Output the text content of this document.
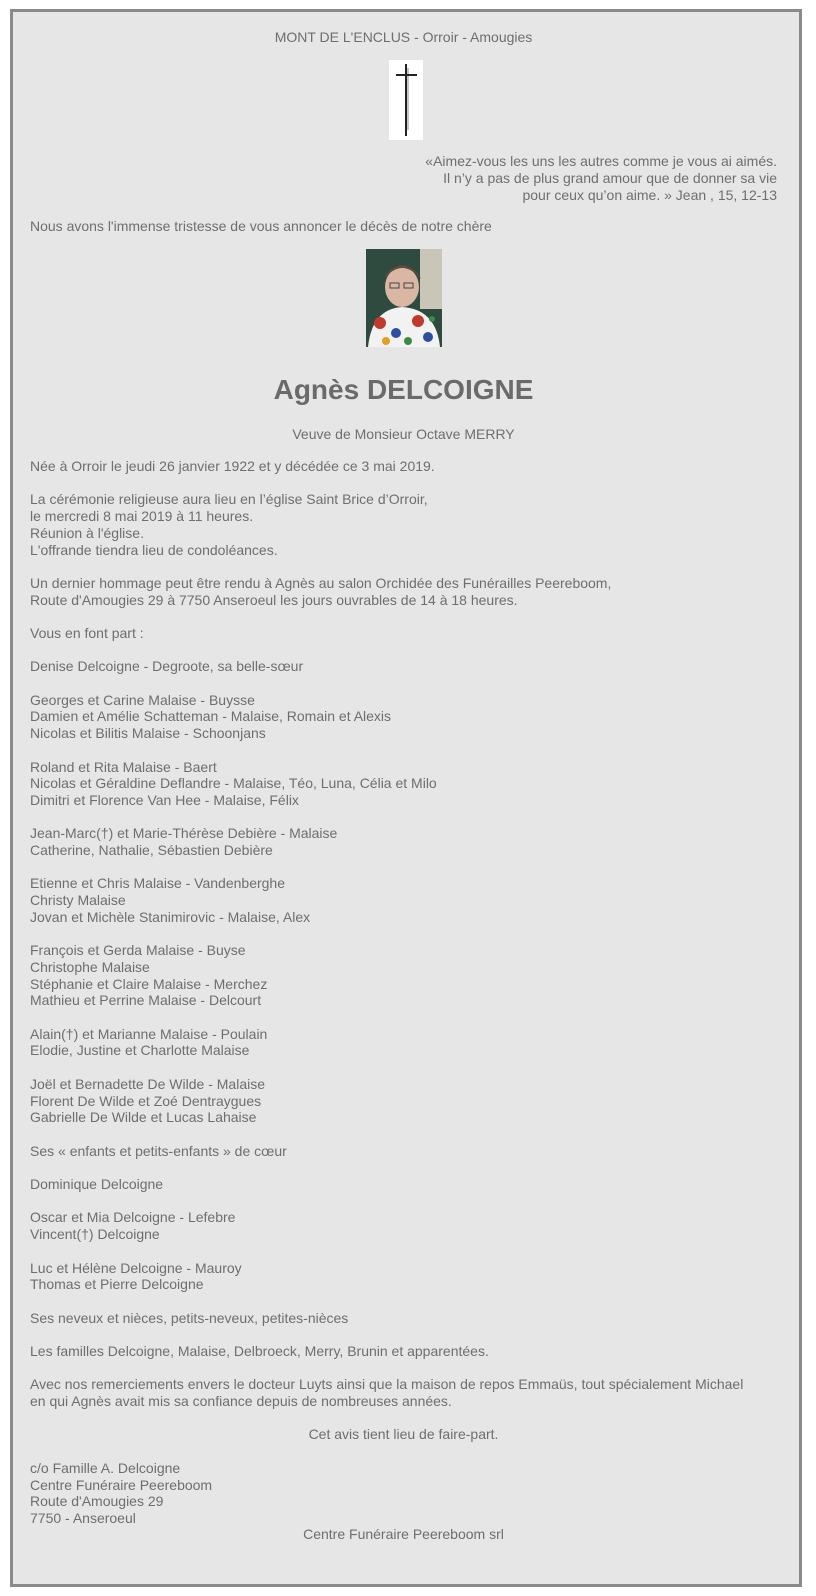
MONT DE L'ENCLUS - Orroir - Amougies
«Aimez-vous les uns les autres comme je vous ai aimés.
Il n’y a pas de plus grand amour que de donner sa vie
pour ceux qu’on aime. » Jean , 15, 12-13
Nous avons l'immense tristesse de vous annoncer le décès de notre chère
Agnès DELCOIGNE
Veuve de Monsieur Octave MERRY

Née à Orroir le jeudi 26 janvier 1922 et y décédée ce 3 mai 2019.

La cérémonie religieuse aura lieu en l’église Saint Brice d’Orroir,
le mercredi 8 mai 2019 à 11 heures.
Réunion à l'église.
L'offrande tiendra lieu de condoléances.

Un dernier hommage peut être rendu à Agnès au salon Orchidée des Funérailles Peereboom,
Route d'Amougies 29 à 7750 Anseroeul les jours ouvrables de 14 à 18 heures.

Vous en font part :

Denise Delcoigne - Degroote, sa belle-sœur

Georges et Carine Malaise - Buysse
Damien et Amélie Schatteman - Malaise, Romain et Alexis
Nicolas et Bilitis Malaise - Schoonjans

Roland et Rita Malaise - Baert
Nicolas et Géraldine Deflandre - Malaise, Téo, Luna, Célia et Milo
Dimitri et Florence Van Hee - Malaise, Félix

Jean-Marc(†) et Marie-Thérèse Debière - Malaise
Catherine, Nathalie, Sébastien Debière

Etienne et Chris Malaise - Vandenberghe
Christy Malaise
Jovan et Michèle Stanimirovic - Malaise, Alex

François et Gerda Malaise - Buyse
Christophe Malaise
Stéphanie et Claire Malaise - Merchez
Mathieu et Perrine Malaise - Delcourt

Alain(†) et Marianne Malaise - Poulain
Elodie, Justine et Charlotte Malaise

Joël et Bernadette De Wilde - Malaise
Florent De Wilde et Zoé Dentraygues
Gabrielle De Wilde et Lucas Lahaise

Ses « enfants et petits-enfants » de cœur

Dominique Delcoigne

Oscar et Mia Delcoigne - Lefebre
Vincent(†) Delcoigne

Luc et Hélène Delcoigne - Mauroy
Thomas et Pierre Delcoigne

Ses neveux et nièces, petits-neveux, petites-nièces

Les familles Delcoigne, Malaise, Delbroeck, Merry, Brunin et apparentées.

Avec nos remerciements envers le docteur Luyts ainsi que la maison de repos Emmaüs, tout spécialement Michael
en qui Agnès avait mis sa confiance depuis de nombreuses années.

Cet avis tient lieu de faire-part.

c/o Famille A. Delcoigne
Centre Funéraire Peereboom
Route d'Amougies 29
7750 - Anseroeul

Centre Funéraire Peereboom srl
